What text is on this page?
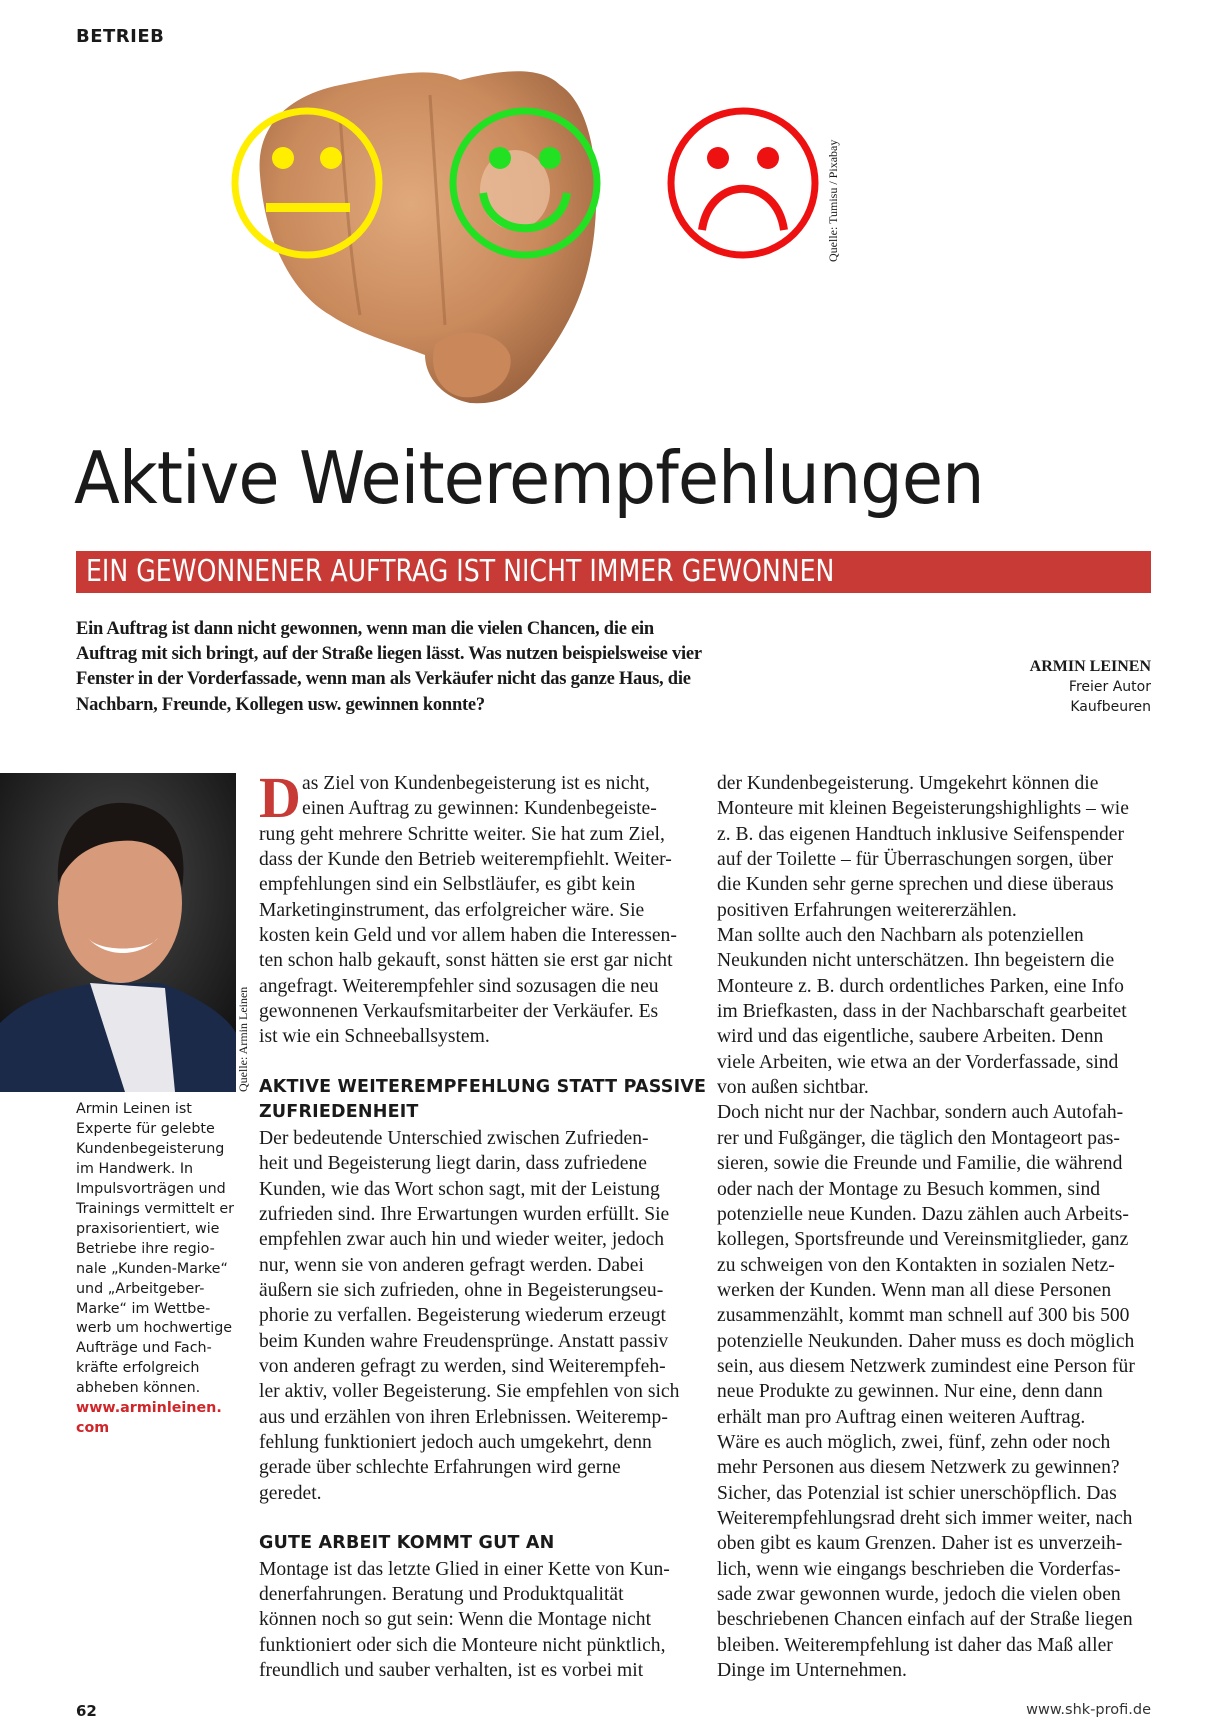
BETRIEB
Quelle: Tumisu / Pixabay
Aktive Weiterempfehlungen
EIN GEWONNENER AUFTRAG IST NICHT IMMER GEWONNEN
Ein Auftrag ist dann nicht gewonnen, wenn man die vielen Chancen, die ein
Auftrag mit sich bringt, auf der Straße liegen lässt. Was nutzen beispielsweise vier
Fenster in der Vorderfassade, wenn man als Verkäufer nicht das ganze Haus, die
Nachbarn, Freunde, Kollegen usw. gewinnen konnte?
ARMIN LEINEN
Freier Autor
Kaufbeuren
Quelle: Armin Leinen
Armin Leinen ist
Experte für gelebte
Kundenbegeisterung
im Handwerk. In
Impulsvorträgen und
Trainings vermittelt er
praxisorientiert, wie
Betriebe ihre regio-
nale „Kunden-Marke“
und „Arbeitgeber-
Marke“ im Wettbe-
werb um hochwertige
Aufträge und Fach-
kräfte erfolgreich
abheben können.
www.arminleinen.
com
D as Ziel von Kundenbegeisterung ist es nicht,
einen Auftrag zu gewinnen: Kundenbegeiste-
rung geht mehrere Schritte weiter. Sie hat zum Ziel,
dass der Kunde den Betrieb weiterempfiehlt. Weiter-
empfehlungen sind ein Selbstläufer, es gibt kein
Marketinginstrument, das erfolgreicher wäre. Sie
kosten kein Geld und vor allem haben die Interessen-
ten schon halb gekauft, sonst hätten sie erst gar nicht
angefragt. Weiterempfehler sind sozusagen die neu
gewonnenen Verkaufsmitarbeiter der Verkäufer. Es
ist wie ein Schneeballsystem.
AKTIVE WEITEREMPFEHLUNG STATT PASSIVE
ZUFRIEDENHEIT
Der bedeutende Unterschied zwischen Zufrieden-
heit und Begeisterung liegt darin, dass zufriedene
Kunden, wie das Wort schon sagt, mit der Leistung
zufrieden sind. Ihre Erwartungen wurden erfüllt. Sie
empfehlen zwar auch hin und wieder weiter, jedoch
nur, wenn sie von anderen gefragt werden. Dabei
äußern sie sich zufrieden, ohne in Begeisterungseu-
phorie zu verfallen. Begeisterung wiederum erzeugt
beim Kunden wahre Freudensprünge. Anstatt passiv
von anderen gefragt zu werden, sind Weiterempfeh-
ler aktiv, voller Begeisterung. Sie empfehlen von sich
aus und erzählen von ihren Erlebnissen. Weiteremp-
fehlung funktioniert jedoch auch umgekehrt, denn
gerade über schlechte Erfahrungen wird gerne
geredet.
GUTE ARBEIT KOMMT GUT AN
Montage ist das letzte Glied in einer Kette von Kun-
denerfahrungen. Beratung und Produktqualität
können noch so gut sein: Wenn die Montage nicht
funktioniert oder sich die Monteure nicht pünktlich,
freundlich und sauber verhalten, ist es vorbei mit
der Kundenbegeisterung. Umgekehrt können die
Monteure mit kleinen Begeisterungshighlights – wie
z. B. das eigenen Handtuch inklusive Seifenspender
auf der Toilette – für Überraschungen sorgen, über
die Kunden sehr gerne sprechen und diese überaus
positiven Erfahrungen weitererzählen.
Man sollte auch den Nachbarn als potenziellen
Neukunden nicht unterschätzen. Ihn begeistern die
Monteure z. B. durch ordentliches Parken, eine Info
im Briefkasten, dass in der Nachbarschaft gearbeitet
wird und das eigentliche, saubere Arbeiten. Denn
viele Arbeiten, wie etwa an der Vorderfassade, sind
von außen sichtbar.
Doch nicht nur der Nachbar, sondern auch Autofah-
rer und Fußgänger, die täglich den Montageort pas-
sieren, sowie die Freunde und Familie, die während
oder nach der Montage zu Besuch kommen, sind
potenzielle neue Kunden. Dazu zählen auch Arbeits-
kollegen, Sportsfreunde und Vereinsmitglieder, ganz
zu schweigen von den Kontakten in sozialen Netz-
werken der Kunden. Wenn man all diese Personen
zusammenzählt, kommt man schnell auf 300 bis 500
potenzielle Neukunden. Daher muss es doch möglich
sein, aus diesem Netzwerk zumindest eine Person für
neue Produkte zu gewinnen. Nur eine, denn dann
erhält man pro Auftrag einen weiteren Auftrag.
Wäre es auch möglich, zwei, fünf, zehn oder noch
mehr Personen aus diesem Netzwerk zu gewinnen?
Sicher, das Potenzial ist schier unerschöpflich. Das
Weiterempfehlungsrad dreht sich immer weiter, nach
oben gibt es kaum Grenzen. Daher ist es unverzeih-
lich, wenn wie eingangs beschrieben die Vorderfas-
sade zwar gewonnen wurde, jedoch die vielen oben
beschriebenen Chancen einfach auf der Straße liegen
bleiben. Weiterempfehlung ist daher das Maß aller
Dinge im Unternehmen.
62	www.shk-profi.de
